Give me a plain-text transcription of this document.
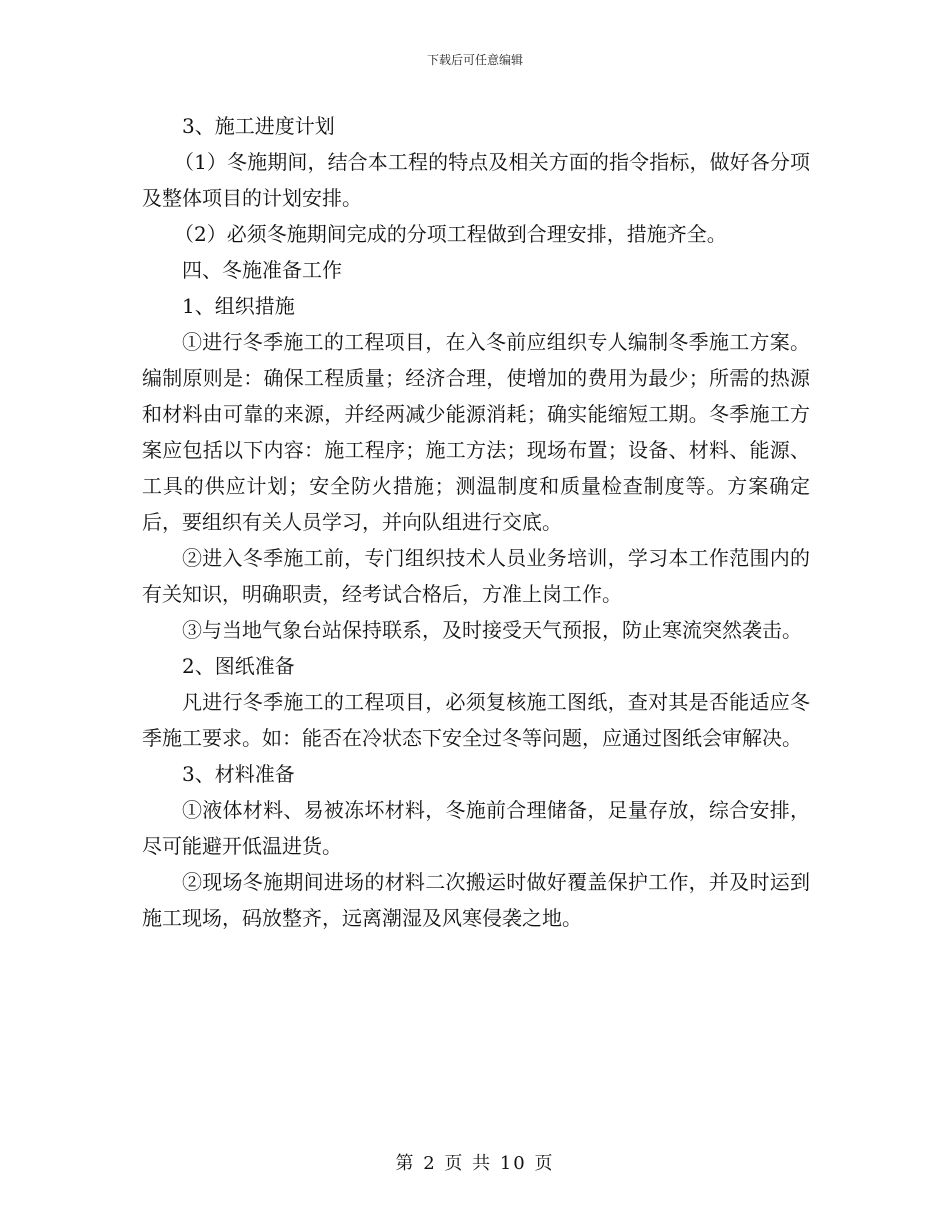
下载后可任意编辑

3、施工进度计划

（1）冬施期间，结合本工程的特点及相关方面的指令指标，做好各分项及整体项目的计划安排。

（2）必须冬施期间完成的分项工程做到合理安排，措施齐全。

四、冬施准备工作

1、组织措施

①进行冬季施工的工程项目，在入冬前应组织专人编制冬季施工方案。编制原则是：确保工程质量；经济合理，使增加的费用为最少；所需的热源和材料由可靠的来源，并经两减少能源消耗；确实能缩短工期。冬季施工方案应包括以下内容：施工程序；施工方法；现场布置；设备、材料、能源、工具的供应计划；安全防火措施；测温制度和质量检查制度等。方案确定后，要组织有关人员学习，并向队组进行交底。

②进入冬季施工前，专门组织技术人员业务培训，学习本工作范围内的有关知识，明确职责，经考试合格后，方准上岗工作。

③与当地气象台站保持联系，及时接受天气预报，防止寒流突然袭击。

2、图纸准备

凡进行冬季施工的工程项目，必须复核施工图纸，查对其是否能适应冬季施工要求。如：能否在冷状态下安全过冬等问题，应通过图纸会审解决。

3、材料准备

①液体材料、易被冻坏材料，冬施前合理储备，足量存放，综合安排，尽可能避开低温进货。

②现场冬施期间进场的材料二次搬运时做好覆盖保护工作，并及时运到施工现场，码放整齐，远离潮湿及风寒侵袭之地。

第 2 页 共 10 页
